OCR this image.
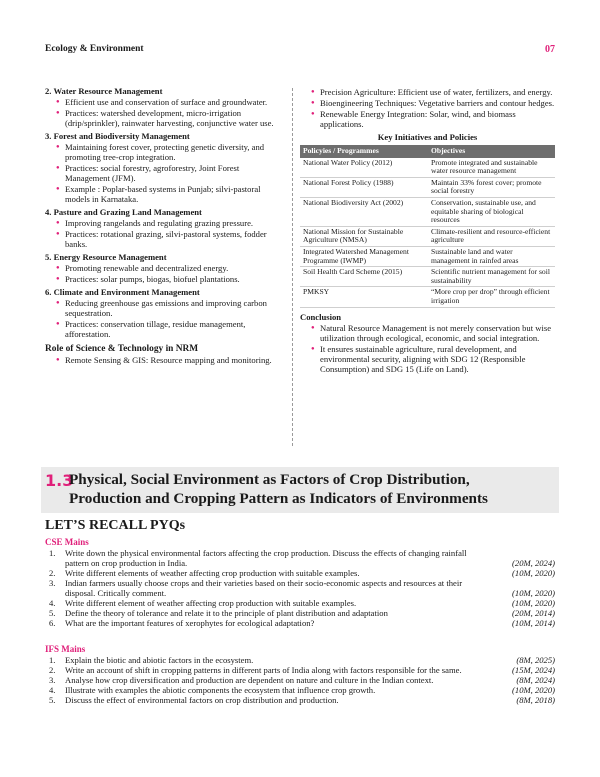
Ecology & Environment	07
2. Water Resource Management
● Efficient use and conservation of surface and groundwater.
● Practices: watershed development, micro-irrigation (drip/sprinkler), rainwater harvesting, conjunctive water use.
3. Forest and Biodiversity Management
● Maintaining forest cover, protecting genetic diversity, and promoting tree-crop integration.
● Practices: social forestry, agroforestry, Joint Forest Management (JFM).
● Example : Poplar-based systems in Punjab; silvi-pastoral models in Karnataka.
4. Pasture and Grazing Land Management
● Improving rangelands and regulating grazing pressure.
● Practices: rotational grazing, silvi-pastoral systems, fodder banks.
5. Energy Resource Management
● Promoting renewable and decentralized energy.
● Practices: solar pumps, biogas, biofuel plantations.
6. Climate and Environment Management
● Reducing greenhouse gas emissions and improving carbon sequestration.
● Practices: conservation tillage, residue management, afforestation.
Role of Science & Technology in NRM
● Remote Sensing & GIS: Resource mapping and monitoring.
● Precision Agriculture: Efficient use of water, fertilizers, and energy.
● Bioengineering Techniques: Vegetative barriers and contour hedges.
● Renewable Energy Integration: Solar, wind, and biomass applications.
Key Initiatives and Policies
Policyies / Programmes	Objectives
National Water Policy (2012)	Promote integrated and sustainable water resource management
National Forest Policy (1988)	Maintain 33% forest cover; promote social forestry
National Biodiversity Act (2002)	Conservation, sustainable use, and equitable sharing of biological resources
National Mission for Sustainable Agriculture (NMSA)	Climate-resilient and resource-efficient agriculture
Integrated Watershed Management Programme (IWMP)	Sustainable land and water management in rainfed areas
Soil Health Card Scheme (2015)	Scientific nutrient management for soil sustainability
PMKSY	“More crop per drop” through efficient irrigation
Conclusion
● Natural Resource Management is not merely conservation but wise utilization through ecological, economic, and social integration.
● It ensures sustainable agriculture, rural development, and environmental security, aligning with SDG 12 (Responsible Consumption) and SDG 15 (Life on Land).
1.3
Physical, Social Environment as Factors of Crop Distribution,
Production and Cropping Pattern as Indicators of Environments
LET’S RECALL PYQs
CSE Mains
1. Write down the physical environmental factors affecting the crop production. Discuss the effects of changing rainfall pattern on crop production in India.	(20M, 2024)
2. Write different elements of weather affecting crop production with suitable examples.	(10M, 2020)
3. Indian farmers usually choose crops and their varieties based on their socio-economic aspects and resources at their disposal. Critically comment.	(10M, 2020)
4. Write different element of weather affecting crop production with suitable examples.	(10M, 2020)
5. Define the theory of tolerance and relate it to the principle of plant distribution and adaptation	(20M, 2014)
6. What are the important features of xerophytes for ecological adaptation?	(10M, 2014)
IFS Mains
1. Explain the biotic and abiotic factors in the ecosystem.	(8M, 2025)
2. Write an account of shift in cropping patterns in different parts of India along with factors responsible for the same.	(15M, 2024)
3. Analyse how crop diversification and production are dependent on nature and culture in the Indian context.	(8M, 2024)
4. Illustrate with examples the abiotic components the ecosystem that influence crop growth.	(10M, 2020)
5. Discuss the effect of environmental factors on crop distribution and production.	(8M, 2018)
